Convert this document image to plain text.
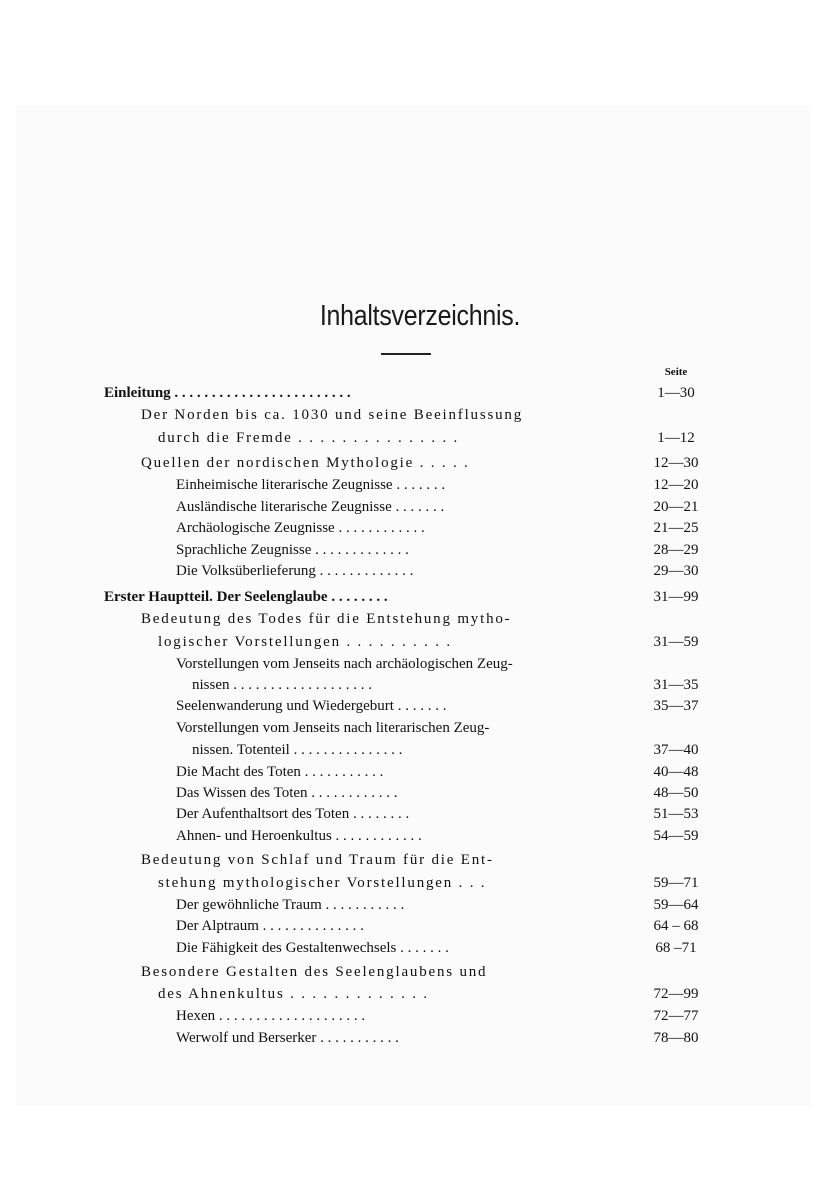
Inhaltsverzeichnis.
Seite
Einleitung . . . . . . . . . . . . . . . . . . . . . . . .	1—30
Der Norden bis ca. 1030 und seine Beeinflussung
durch die Fremde . . . . . . . . . . . . . . .	1—12
Quellen der nordischen Mythologie . . . . .	12—30
Einheimische literarische Zeugnisse . . . . . . .	12—20
Ausländische literarische Zeugnisse . . . . . . .	20—21
Archäologische Zeugnisse . . . . . . . . . . . .	21—25
Sprachliche Zeugnisse . . . . . . . . . . . . .	28—29
Die Volksüberlieferung . . . . . . . . . . . . .	29—30
Erster Hauptteil. Der Seelenglaube . . . . . . . .	31—99
Bedeutung des Todes für die Entstehung mytho-
logischer Vorstellungen . . . . . . . . . .	31—59
Vorstellungen vom Jenseits nach archäologischen Zeug-
nissen . . . . . . . . . . . . . . . . . . .	31—35
Seelenwanderung und Wiedergeburt . . . . . . .	35—37
Vorstellungen vom Jenseits nach literarischen Zeug-
nissen. Totenteil . . . . . . . . . . . . . . .	37—40
Die Macht des Toten . . . . . . . . . . .	40—48
Das Wissen des Toten . . . . . . . . . . . .	48—50
Der Aufenthaltsort des Toten . . . . . . . .	51—53
Ahnen- und Heroenkultus . . . . . . . . . . . .	54—59
Bedeutung von Schlaf und Traum für die Ent-
stehung mythologischer Vorstellungen . . .	59—71
Der gewöhnliche Traum . . . . . . . . . . .	59—64
Der Alptraum . . . . . . . . . . . . . .	64 – 68
Die Fähigkeit des Gestaltenwechsels . . . . . . .	68 –71
Besondere Gestalten des Seelenglaubens und
des Ahnenkultus . . . . . . . . . . . . .	72—99
Hexen . . . . . . . . . . . . . . . . . . . .	72—77
Werwolf und Berserker . . . . . . . . . . .	78—80
